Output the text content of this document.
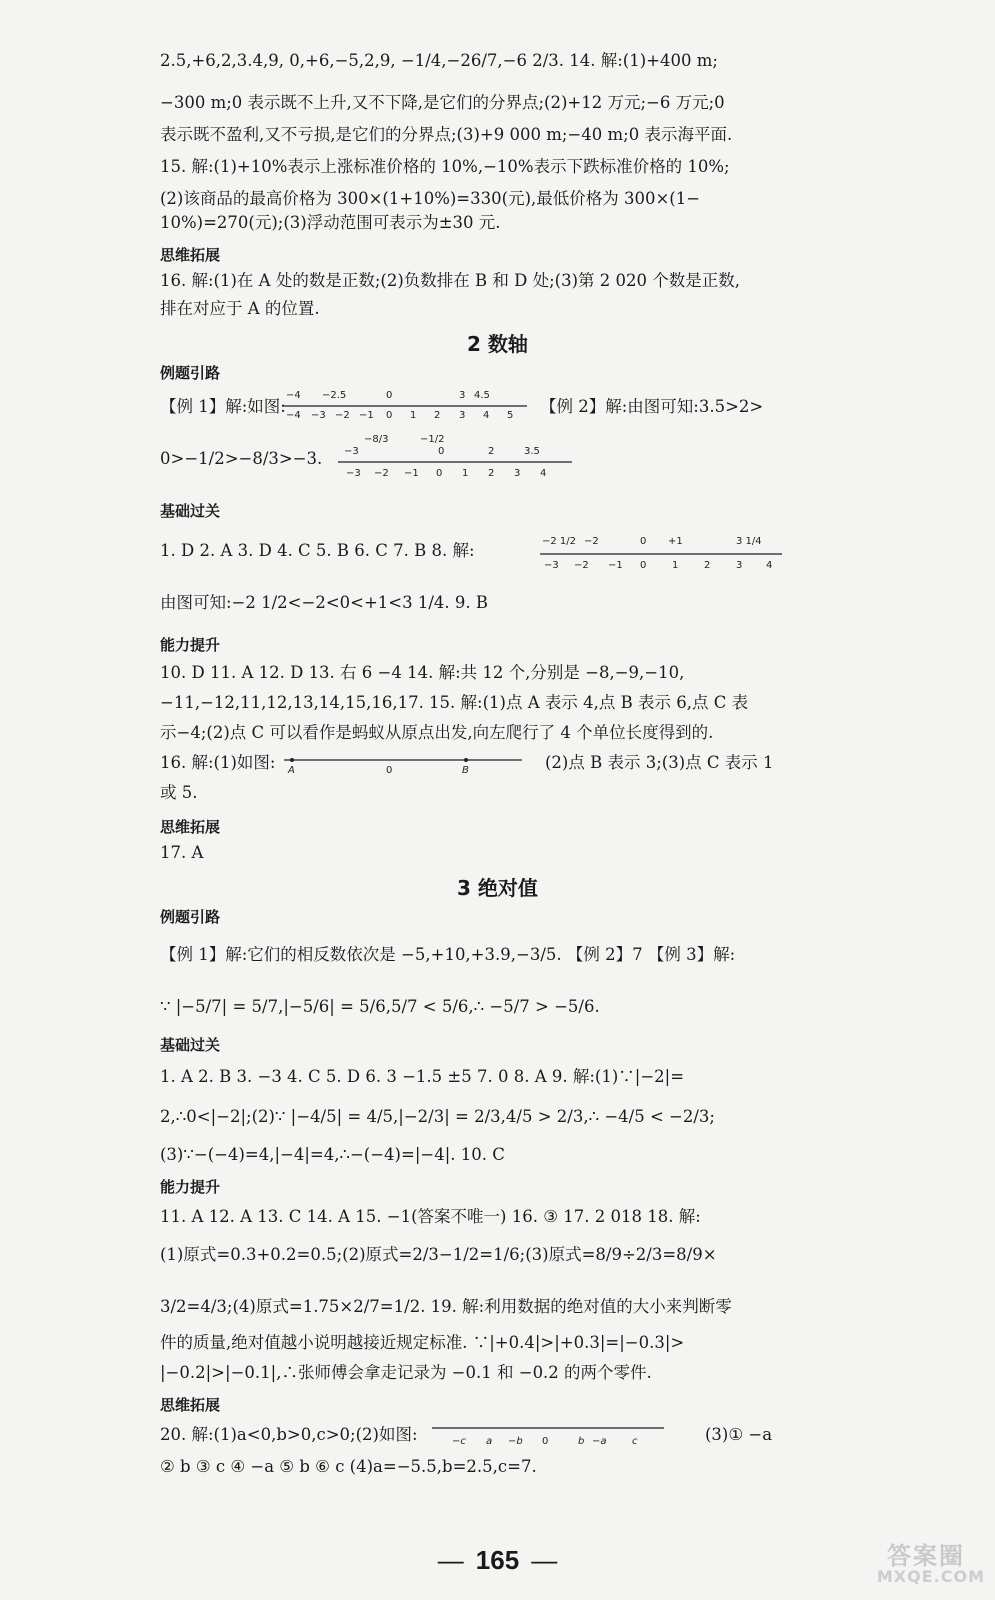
2.5,+6,2,3.4,9, 0,+6,−5,2,9, −1/4,−26/7,−6 2/3. 14. 解:(1)+400 m;
−300 m;0 表示既不上升,又不下降,是它们的分界点;(2)+12 万元;−6 万元;0
表示既不盈利,又不亏损,是它们的分界点;(3)+9 000 m;−40 m;0 表示海平面.
15. 解:(1)+10%表示上涨标准价格的 10%,−10%表示下跌标准价格的 10%;
(2)该商品的最高价格为 300×(1+10%)=330(元),最低价格为 300×(1−
10%)=270(元);(3)浮动范围可表示为±30 元.
思维拓展
16. 解:(1)在 A 处的数是正数;(2)负数排在 B 和 D 处;(3)第 2 020 个数是正数,
排在对应于 A 的位置.
2 数轴
例题引路
【例 1】解:如图:
−4 −2.5	0	3 4.5
−4 −3 −2 −1 0 1 2 3 4 5 【例 2】解:由图可知:3.5>2>
0>−1/2>−8/3>−3.	−3
−8/3	−1/2
0	2	3.5
−3 −2 −1 0 1 2 3 4
基础过关
1. D 2. A 3. D 4. C 5. B 6. C 7. B 8. 解:	−2 1/2 −2	0 +1	3 1/4
−3 −2 −1 0	1	2	3 4
由图可知:−2 1/2<−2<0<+1<3 1/4. 9. B
能力提升
10. D 11. A 12. D 13. 右 6 −4 14. 解:共 12 个,分别是 −8,−9,−10,
−11,−12,11,12,13,14,15,16,17. 15. 解:(1)点 A 表示 4,点 B 表示 6,点 C 表
示−4;(2)点 C 可以看作是蚂蚁从原点出发,向左爬行了 4 个单位长度得到的.
16. 解:(1)如图:	A	0	B	(2)点 B 表示 3;(3)点 C 表示 1
或 5.
思维拓展
17. A
3 绝对值
例题引路
【例 1】解:它们的相反数依次是 −5,+10,+3.9,−3/5. 【例 2】7 【例 3】解:
∵ |−5/7| = 5/7,|−5/6| = 5/6,5/7 < 5/6,∴ −5/7 > −5/6.
基础过关
1. A 2. B 3. −3 4. C 5. D 6. 3 −1.5 ±5 7. 0 8. A 9. 解:(1)∵|−2|=
2,∴0<|−2|;(2)∵ |−4/5| = 4/5,|−2/3| = 2/3,4/5 > 2/3,∴ −4/5 < −2/3;
(3)∵−(−4)=4,|−4|=4,∴−(−4)=|−4|. 10. C
能力提升
11. A 12. A 13. C 14. A 15. −1(答案不唯一) 16. ③ 17. 2 018 18. 解:
(1)原式=0.3+0.2=0.5;(2)原式=2/3−1/2=1/6;(3)原式=8/9÷2/3=8/9×
3/2=4/3;(4)原式=1.75×2/7=1/2. 19. 解:利用数据的绝对值的大小来判断零
件的质量,绝对值越小说明越接近规定标准. ∵|+0.4|>|+0.3|=|−0.3|>
|−0.2|>|−0.1|,∴张师傅会拿走记录为 −0.1 和 −0.2 的两个零件.
思维拓展
20. 解:(1)a<0,b>0,c>0;(2)如图:	−c a −b 0	b −a	c	(3)① −a
② b ③ c ④ −a ⑤ b ⑥ c (4)a=−5.5,b=2.5,c=7.
— 165 —	答案圈
MXQE.COM
